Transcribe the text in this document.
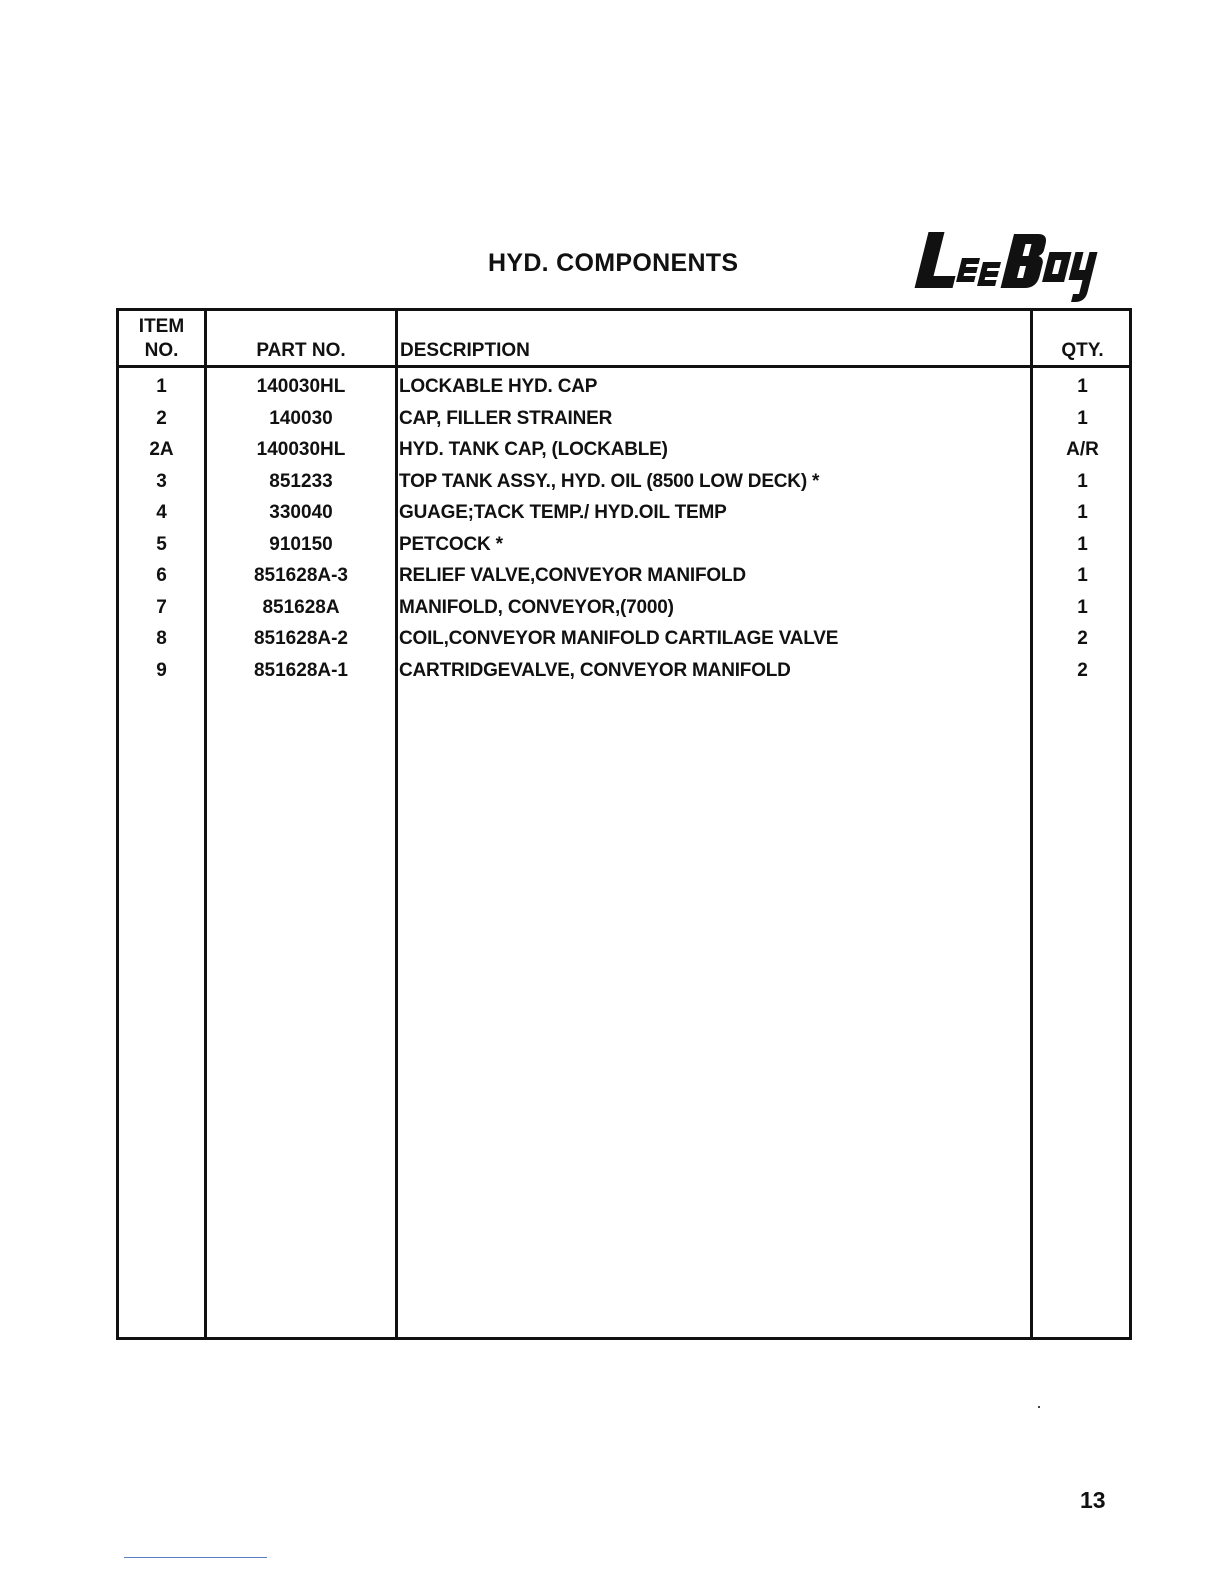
HYD. COMPONENTS
ITEM
NO.	PART NO.	DESCRIPTION	QTY.
1	140030HL	LOCKABLE HYD. CAP	1
2	140030	CAP, FILLER STRAINER	1
2A	140030HL	HYD. TANK CAP, (LOCKABLE)	A/R
3	851233	TOP TANK ASSY., HYD. OIL (8500 LOW DECK) *	1
4	330040	GUAGE;TACK TEMP./ HYD.OIL TEMP	1
5	910150	PETCOCK *	1
6	851628A-3	RELIEF VALVE,CONVEYOR MANIFOLD	1
7	851628A	MANIFOLD, CONVEYOR,(7000)	1
8	851628A-2	COIL,CONVEYOR MANIFOLD CARTILAGE VALVE	2
9	851628A-1	CARTRIDGEVALVE, CONVEYOR MANIFOLD	2
13
